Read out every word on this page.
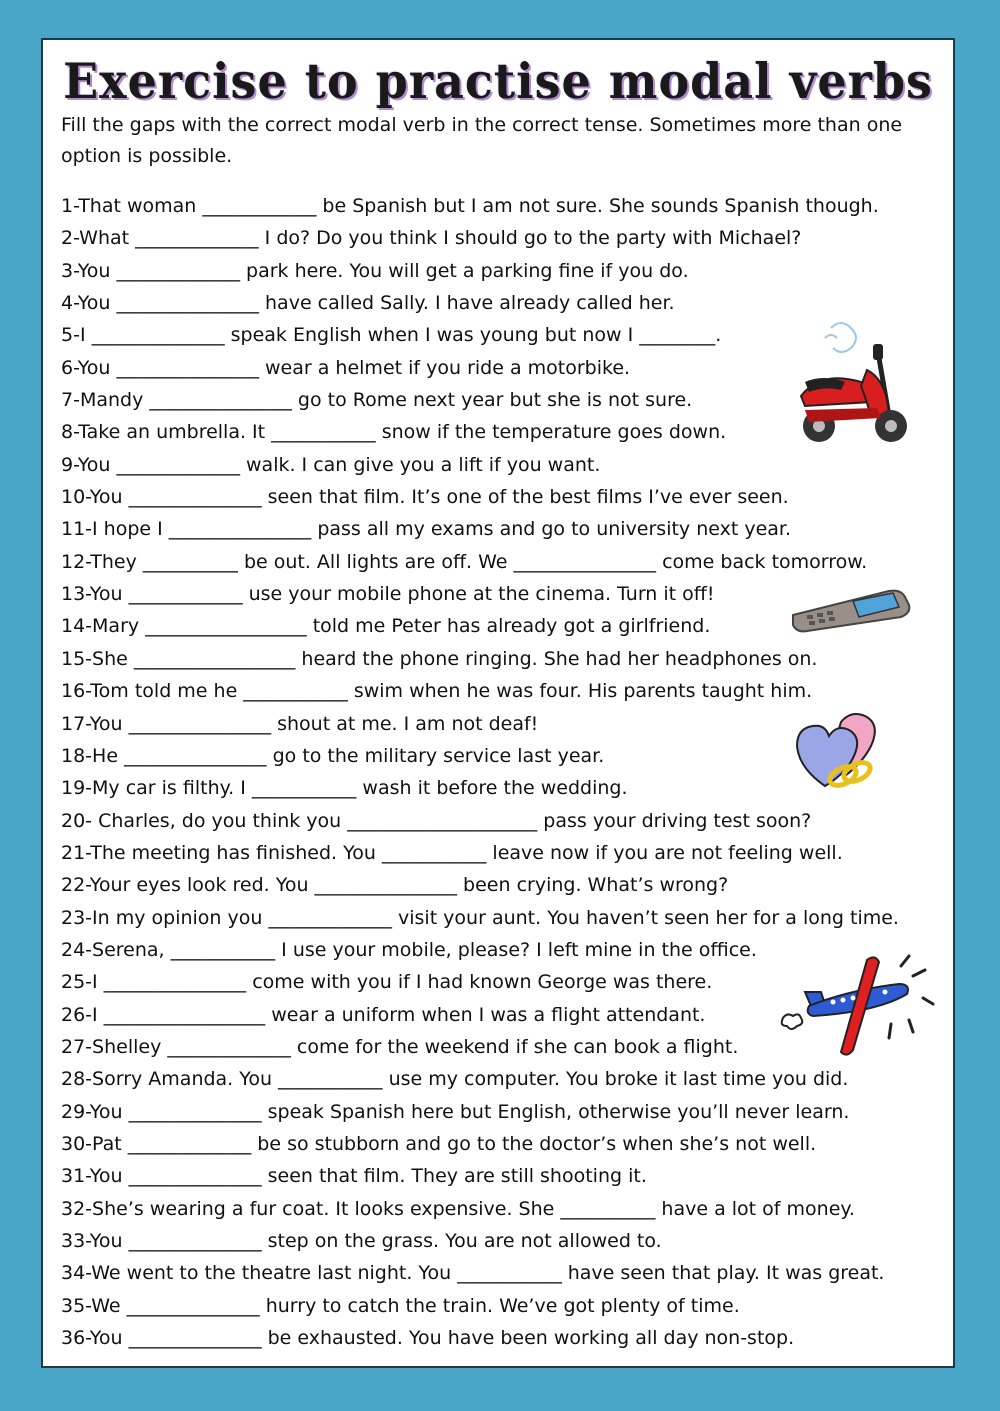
Exercise to practise modal verbs

Fill the gaps with the correct modal verb in the correct tense. Sometimes more than one option is possible.

1-That woman ____________ be Spanish but I am not sure. She sounds Spanish though.
2-What _____________ I do? Do you think I should go to the party with Michael?
3-You _____________ park here. You will get a parking fine if you do.
4-You _______________ have called Sally. I have already called her.
5-I ______________ speak English when I was young but now I ________.
6-You _______________ wear a helmet if you ride a motorbike.
7-Mandy _______________ go to Rome next year but she is not sure.
8-Take an umbrella. It ___________ snow if the temperature goes down.
9-You _____________ walk. I can give you a lift if you want.
10-You ______________ seen that film. It’s one of the best films I’ve ever seen.
11-I hope I _______________ pass all my exams and go to university next year.
12-They __________ be out. All lights are off. We _______________ come back tomorrow.
13-You ____________ use your mobile phone at the cinema. Turn it off!
14-Mary _________________ told me Peter has already got a girlfriend.
15-She _________________ heard the phone ringing. She had her headphones on.
16-Tom told me he ___________ swim when he was four. His parents taught him.
17-You _______________ shout at me. I am not deaf!
18-He _______________ go to the military service last year.
19-My car is filthy. I ___________ wash it before the wedding.
20- Charles, do you think you ____________________ pass your driving test soon?
21-The meeting has finished. You ___________ leave now if you are not feeling well.
22-Your eyes look red. You _______________ been crying. What’s wrong?
23-In my opinion you _____________ visit your aunt. You haven’t seen her for a long time.
24-Serena, ___________ I use your mobile, please? I left mine in the office.
25-I _______________ come with you if I had known George was there.
26-I _________________ wear a uniform when I was a flight attendant.
27-Shelley _____________ come for the weekend if she can book a flight.
28-Sorry Amanda. You ___________ use my computer. You broke it last time you did.
29-You ______________ speak Spanish here but English, otherwise you’ll never learn.
30-Pat _____________ be so stubborn and go to the doctor’s when she’s not well.
31-You ______________ seen that film. They are still shooting it.
32-She’s wearing a fur coat. It looks expensive. She __________ have a lot of money.
33-You ______________ step on the grass. You are not allowed to.
34-We went to the theatre last night. You ___________ have seen that play. It was great.
35-We ______________ hurry to catch the train. We’ve got plenty of time.
36-You ______________ be exhausted. You have been working all day non-stop.
